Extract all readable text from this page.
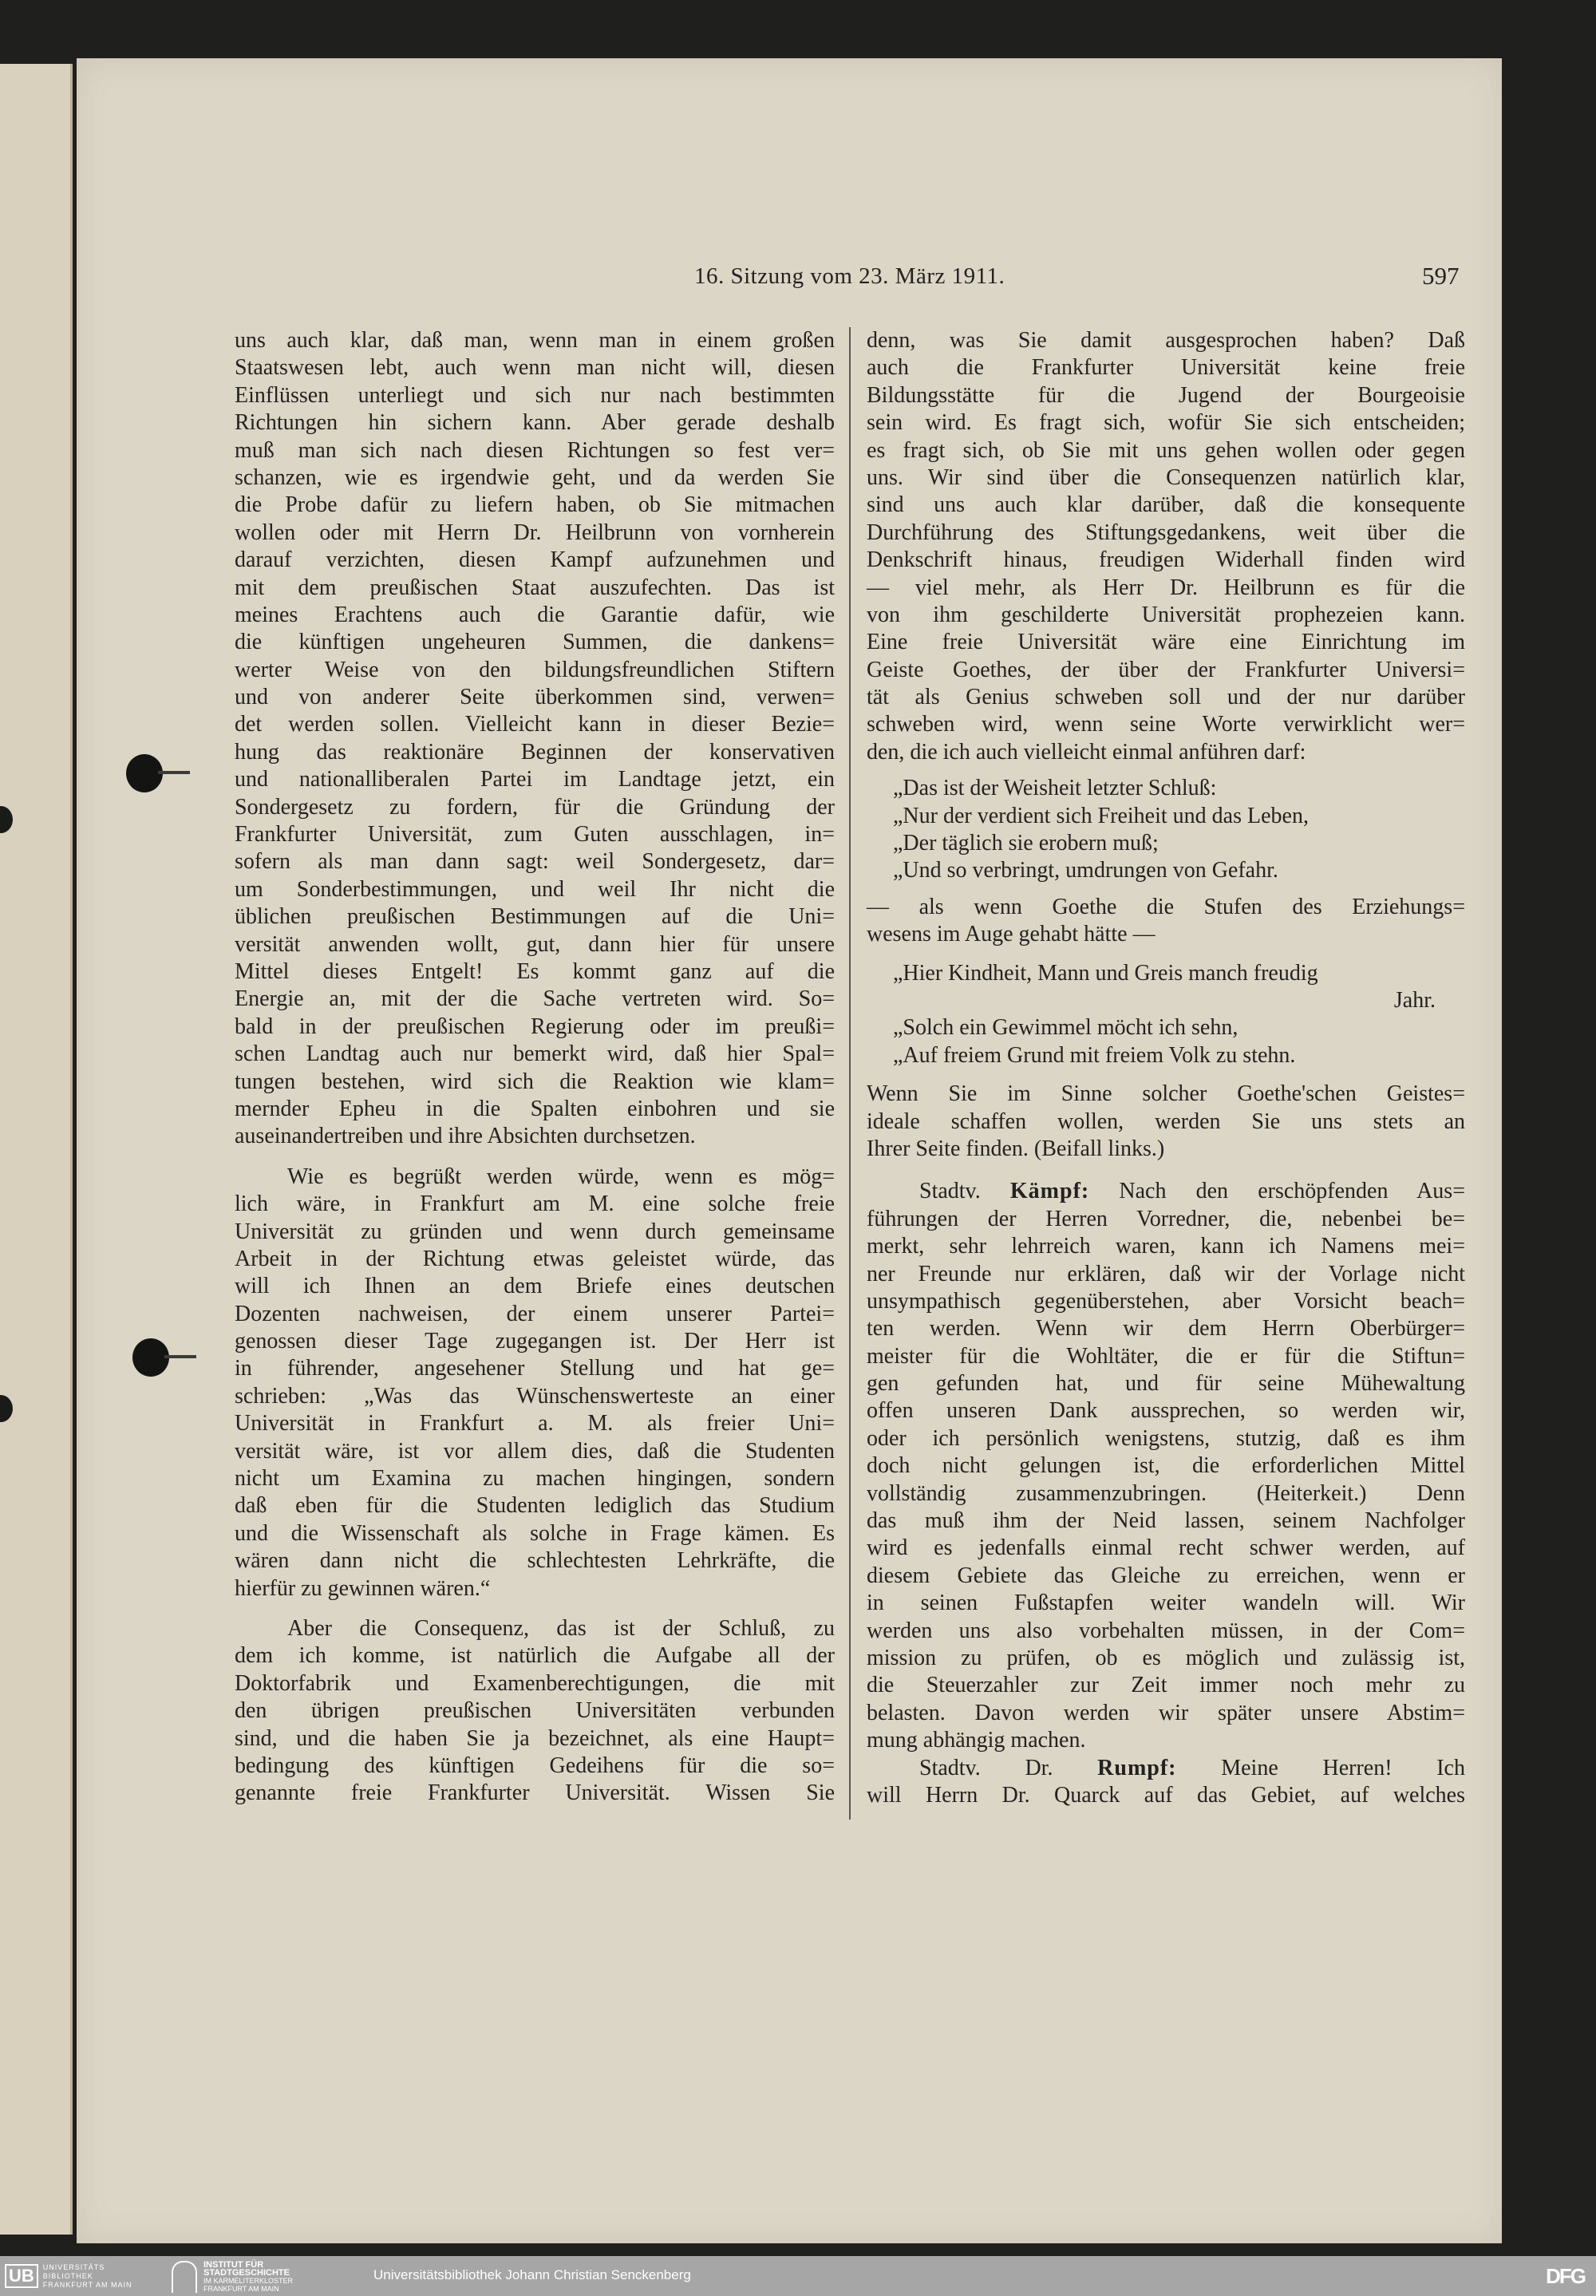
16. Sitzung vom 23. März 1911.	597
uns auch klar, daß man, wenn man in einem großen
Staatswesen lebt, auch wenn man nicht will, diesen
Einflüssen unterliegt und sich nur nach bestimmten
Richtungen hin sichern kann. Aber gerade deshalb
muß man sich nach diesen Richtungen so fest ver=
schanzen, wie es irgendwie geht, und da werden Sie
die Probe dafür zu liefern haben, ob Sie mitmachen
wollen oder mit Herrn Dr. Heilbrunn von vornherein
darauf verzichten, diesen Kampf aufzunehmen und
mit dem preußischen Staat auszufechten. Das ist
meines Erachtens auch die Garantie dafür, wie
die künftigen ungeheuren Summen, die dankens=
werter Weise von den bildungsfreundlichen Stiftern
und von anderer Seite überkommen sind, verwen=
det werden sollen. Vielleicht kann in dieser Bezie=
hung das reaktionäre Beginnen der konservativen
und nationalliberalen Partei im Landtage jetzt, ein
Sondergesetz zu fordern, für die Gründung der
Frankfurter Universität, zum Guten ausschlagen, in=
sofern als man dann sagt: weil Sondergesetz, dar=
um Sonderbestimmungen, und weil Ihr nicht die
üblichen preußischen Bestimmungen auf die Uni=
versität anwenden wollt, gut, dann hier für unsere
Mittel dieses Entgelt! Es kommt ganz auf die
Energie an, mit der die Sache vertreten wird. So=
bald in der preußischen Regierung oder im preußi=
schen Landtag auch nur bemerkt wird, daß hier Spal=
tungen bestehen, wird sich die Reaktion wie klam=
mernder Epheu in die Spalten einbohren und sie
auseinandertreiben und ihre Absichten durchsetzen.
Wie es begrüßt werden würde, wenn es mög=
lich wäre, in Frankfurt am M. eine solche freie
Universität zu gründen und wenn durch gemeinsame
Arbeit in der Richtung etwas geleistet würde, das
will ich Ihnen an dem Briefe eines deutschen
Dozenten nachweisen, der einem unserer Partei=
genossen dieser Tage zugegangen ist. Der Herr ist
in führender, angesehener Stellung und hat ge=
schrieben: „Was das Wünschenswerteste an einer
Universität in Frankfurt a. M. als freier Uni=
versität wäre, ist vor allem dies, daß die Studenten
nicht um Examina zu machen hingingen, sondern
daß eben für die Studenten lediglich das Studium
und die Wissenschaft als solche in Frage kämen. Es
wären dann nicht die schlechtesten Lehrkräfte, die
hierfür zu gewinnen wären.“
Aber die Consequenz, das ist der Schluß, zu
dem ich komme, ist natürlich die Aufgabe all der
Doktorfabrik und Examenberechtigungen, die mit
den übrigen preußischen Universitäten verbunden
sind, und die haben Sie ja bezeichnet, als eine Haupt=
bedingung des künftigen Gedeihens für die so=
genannte freie Frankfurter Universität. Wissen Sie
denn, was Sie damit ausgesprochen haben? Daß
auch die Frankfurter Universität keine freie
Bildungsstätte für die Jugend der Bourgeoisie
sein wird. Es fragt sich, wofür Sie sich entscheiden;
es fragt sich, ob Sie mit uns gehen wollen oder gegen
uns. Wir sind über die Consequenzen natürlich klar,
sind uns auch klar darüber, daß die konsequente
Durchführung des Stiftungsgedankens, weit über die
Denkschrift hinaus, freudigen Widerhall finden wird
— viel mehr, als Herr Dr. Heilbrunn es für die
von ihm geschilderte Universität prophezeien kann.
Eine freie Universität wäre eine Einrichtung im
Geiste Goethes, der über der Frankfurter Universi=
tät als Genius schweben soll und der nur darüber
schweben wird, wenn seine Worte verwirklicht wer=
den, die ich auch vielleicht einmal anführen darf:
„Das ist der Weisheit letzter Schluß:
„Nur der verdient sich Freiheit und das Leben,
„Der täglich sie erobern muß;
„Und so verbringt, umdrungen von Gefahr.
— als wenn Goethe die Stufen des Erziehungs=
wesens im Auge gehabt hätte —
„Hier Kindheit, Mann und Greis manch freudig
Jahr.
„Solch ein Gewimmel möcht ich sehn,
„Auf freiem Grund mit freiem Volk zu stehn.
Wenn Sie im Sinne solcher Goethe'schen Geistes=
ideale schaffen wollen, werden Sie uns stets an
Ihrer Seite finden. (Beifall links.)
Stadtv. Kämpf: Nach den erschöpfenden Aus=
führungen der Herren Vorredner, die, nebenbei be=
merkt, sehr lehrreich waren, kann ich Namens mei=
ner Freunde nur erklären, daß wir der Vorlage nicht
unsympathisch gegenüberstehen, aber Vorsicht beach=
ten werden. Wenn wir dem Herrn Oberbürger=
meister für die Wohltäter, die er für die Stiftun=
gen gefunden hat, und für seine Mühewaltung
offen unseren Dank aussprechen, so werden wir,
oder ich persönlich wenigstens, stutzig, daß es ihm
doch nicht gelungen ist, die erforderlichen Mittel
vollständig zusammenzubringen. (Heiterkeit.) Denn
das muß ihm der Neid lassen, seinem Nachfolger
wird es jedenfalls einmal recht schwer werden, auf
diesem Gebiete das Gleiche zu erreichen, wenn er
in seinen Fußstapfen weiter wandeln will. Wir
werden uns also vorbehalten müssen, in der Com=
mission zu prüfen, ob es möglich und zulässig ist,
die Steuerzahler zur Zeit immer noch mehr zu
belasten. Davon werden wir später unsere Abstim=
mung abhängig machen.
Stadtv. Dr. Rumpf: Meine Herren! Ich
will Herrn Dr. Quarck auf das Gebiet, auf welches
UB	UNIVERSITÄTS
BIBLIOTHEK
FRANKFURT AM MAIN
INSTITUT FÜR
STADTGESCHICHTE
IM KARMELITERKLOSTER
FRANKFURT AM MAIN
Universitätsbibliothek Johann Christian Senckenberg	DFG
